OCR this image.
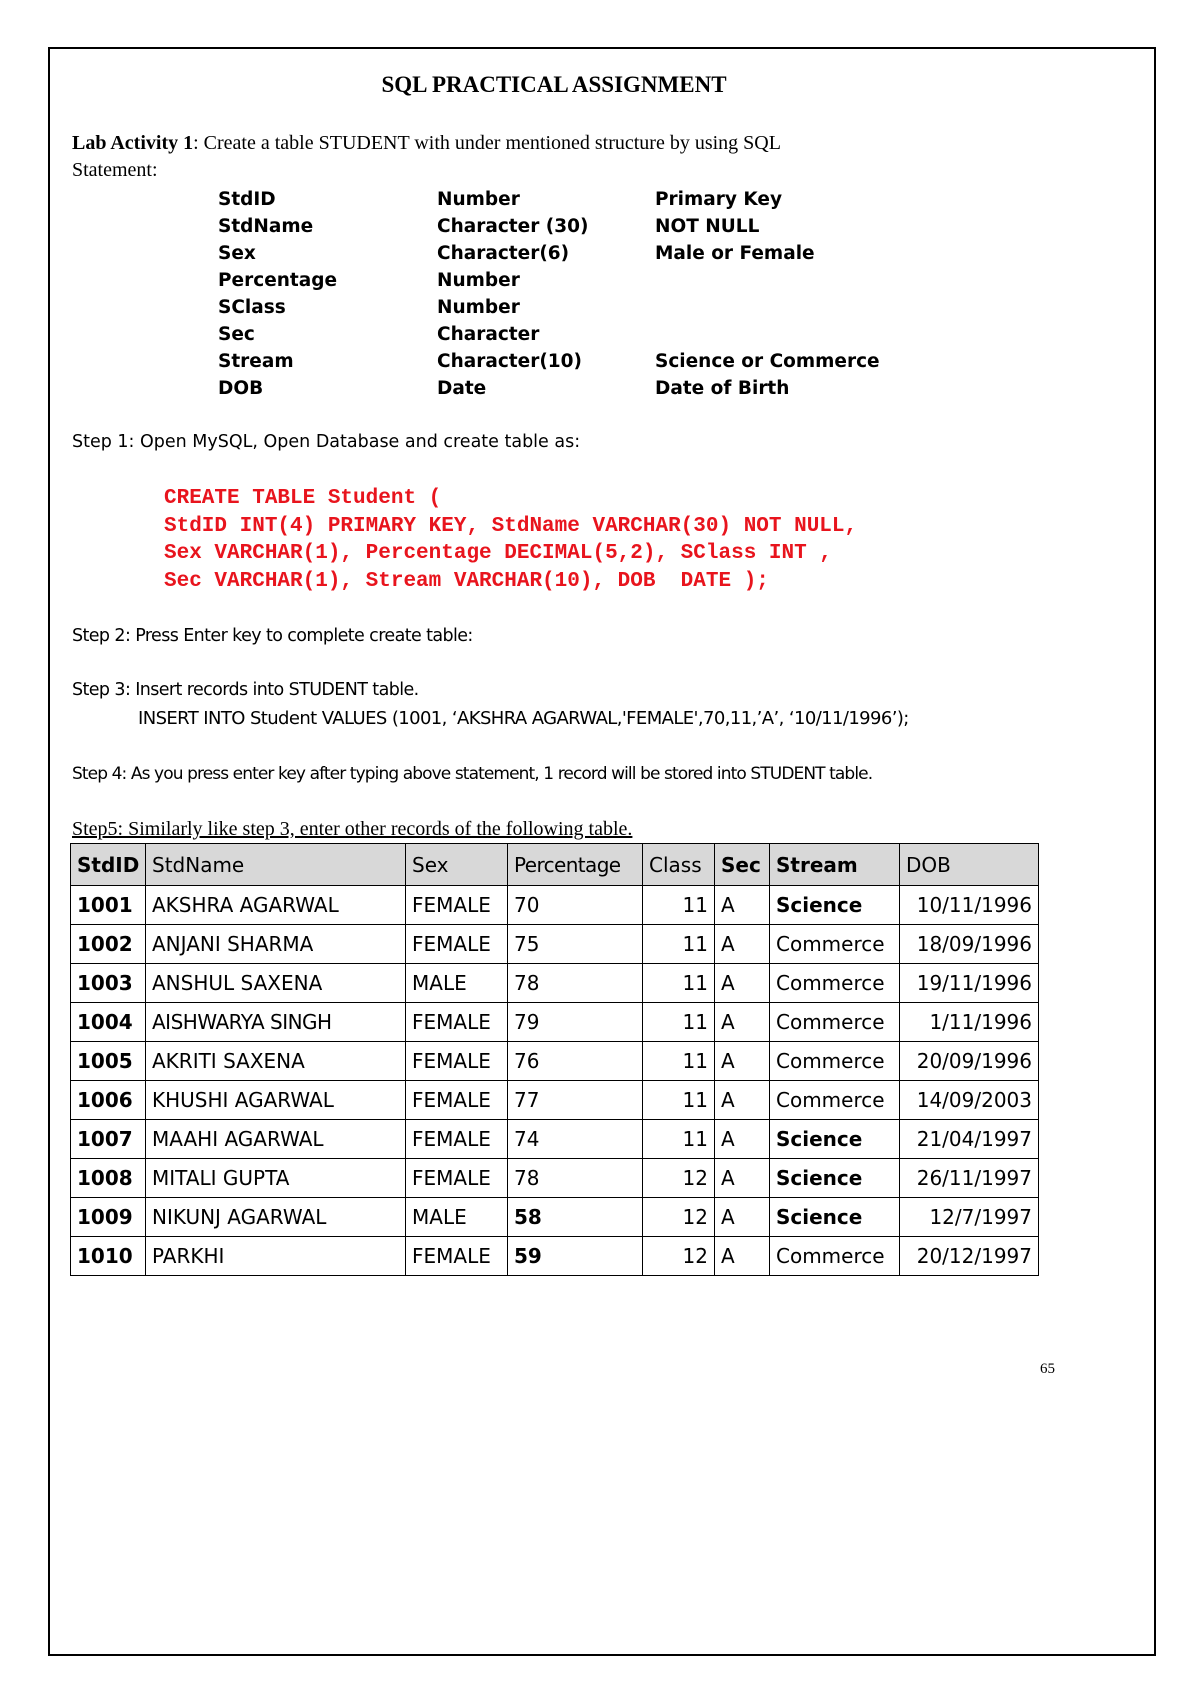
SQL PRACTICAL ASSIGNMENT
Lab Activity 1: Create a table STUDENT with under mentioned structure by using SQL
Statement:
StdID	Number	Primary Key
StdName	Character (30)	NOT NULL
Sex	Character(6)	Male or Female
Percentage	Number
SClass	Number
Sec	Character
Stream	Character(10)	Science or Commerce
DOB	Date	Date of Birth
Step 1: Open MySQL, Open Database and create table as:
CREATE TABLE Student (
StdID INT(4) PRIMARY KEY, StdName VARCHAR(30) NOT NULL,
Sex VARCHAR(1), Percentage DECIMAL(5,2), SClass INT ,
Sec VARCHAR(1), Stream VARCHAR(10), DOB  DATE );
Step 2: Press Enter key to complete create table:
Step 3: Insert records into STUDENT table.
INSERT INTO Student VALUES (1001, ‘AKSHRA AGARWAL,'FEMALE',70,11,’A’, ‘10/11/1996’);
Step 4: As you press enter key after typing above statement, 1 record will be stored into STUDENT table.
Step5: Similarly like step 3, enter other records of the following table.
StdID	StdName	Sex	Percentage	Class	Sec	Stream	DOB
1001	AKSHRA AGARWAL	FEMALE	70	11	A	Science	10/11/1996
1002	ANJANI SHARMA	FEMALE	75	11	A	Commerce	18/09/1996
1003	ANSHUL SAXENA	MALE	78	11	A	Commerce	19/11/1996
1004	AISHWARYA SINGH	FEMALE	79	11	A	Commerce	1/11/1996
1005	AKRITI SAXENA	FEMALE	76	11	A	Commerce	20/09/1996
1006	KHUSHI AGARWAL	FEMALE	77	11	A	Commerce	14/09/2003
1007	MAAHI AGARWAL	FEMALE	74	11	A	Science	21/04/1997
1008	MITALI GUPTA	FEMALE	78	12	A	Science	26/11/1997
1009	NIKUNJ AGARWAL	MALE	58	12	A	Science	12/7/1997
1010	PARKHI	FEMALE	59	12	A	Commerce	20/12/1997
65
